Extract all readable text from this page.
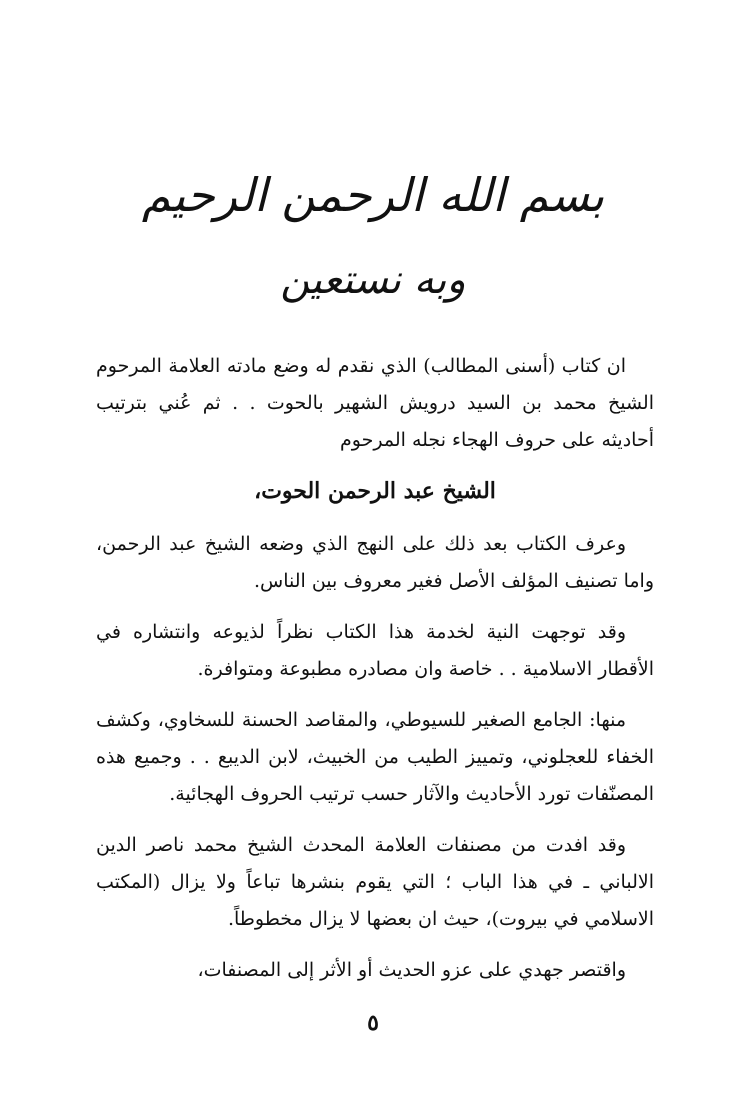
بسم الله الرحمن الرحيم
وبه نستعين

ان كتاب (أسنى المطالب) الذي نقدم له وضع مادته العلامة المرحوم الشيخ محمد بن السيد درويش الشهير بالحوت . . ثم عُني بترتيب أحاديثه على حروف الهجاء نجله المرحوم

الشيخ عبد الرحمن الحوت،

وعرف الكتاب بعد ذلك على النهج الذي وضعه الشيخ عبد الرحمن، واما تصنيف المؤلف الأصل فغير معروف بين الناس.

وقد توجهت النية لخدمة هذا الكتاب نظراً لذيوعه وانتشاره في الأقطار الاسلامية . . خاصة وان مصادره مطبوعة ومتوافرة.

منها: الجامع الصغير للسيوطي، والمقاصد الحسنة للسخاوي، وكشف الخفاء للعجلوني، وتمييز الطيب من الخبيث، لابن الديبع . . وجميع هذه المصنّفات تورد الأحاديث والآثار حسب ترتيب الحروف الهجائية.

وقد افدت من مصنفات العلامة المحدث الشيخ محمد ناصر الدين الالباني ـ في هذا الباب ؛ التي يقوم بنشرها تباعاً ولا يزال (المكتب الاسلامي في بيروت)، حيث ان بعضها لا يزال مخطوطاً.

واقتصر جهدي على عزو الحديث أو الأثر إلى المصنفات،

٥
